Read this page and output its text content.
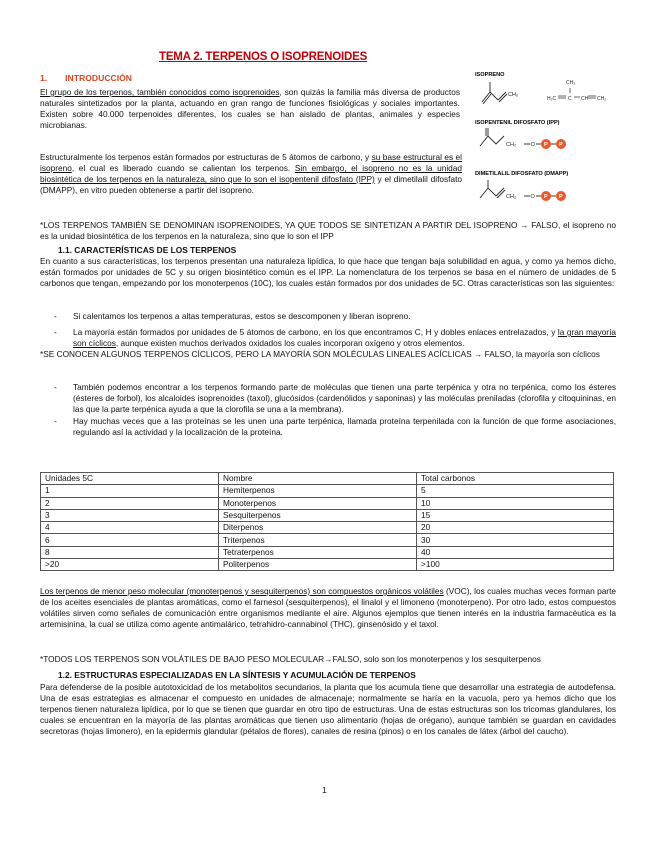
TEMA 2. TERPENOS O ISOPRENOIDES
1. INTRODUCCIÓN

El grupo de los terpenos, también conocidos como isoprenoides, son quizás la familia más diversa de productos naturales sintetizados por la planta, actuando en gran rango de funciones fisiológicas y sociales importantes. Existen sobre 40.000 terpenoides diferentes, los cuales se han aislado de plantas, animales y especies microbianas.

ISOPRENO
CH₂
CH₃
H₂C C CH CH₂
ISOPENTENIL DIFOSFATO (IPP)
CH₂	O P P
DIMETILALIL DIFOSFATO (DMAPP)
CH₂	O P P

Estructuralmente los terpenos están formados por estructuras de 5 átomos de carbono, y su base estructural es el isopreno, el cual es liberado cuando se calientan los terpenos. Sin embargo, el isopreno no es la unidad biosintética de los terpenos en la naturaleza, sino que lo son el isopentenil difosfato (IPP) y el dimetilalil difosfato (DMAPP), en vitro pueden obtenerse a partir del isopreno.

*LOS TERPENOS TAMBIÉN SE DENOMINAN ISOPRENOIDES, YA QUE TODOS SE SINTETIZAN A PARTIR DEL ISOPRENO → FALSO, el isopreno no es la unidad biosintética de los terpenos en la naturaleza, sino que lo son el IPP

1.1. CARACTERÍSTICAS DE LOS TERPENOS

En cuanto a sus características, los terpenos presentan una naturaleza lipídica, lo que hace que tengan baja solubilidad en agua, y como ya hemos dicho, están formados por unidades de 5C y su origen biosintético común es el IPP. La nomenclatura de los terpenos se basa en el número de unidades de 5 carbonos que tengan, empezando por los monoterpenos (10C), los cuales están formados por dos unidades de 5C. Otras características son las siguientes:

- Si calentamos los terpenos a altas temperaturas, estos se descomponen y liberan isopreno.
- La mayoría están formados por unidades de 5 átomos de carbono, en los que encontramos C, H y dobles enlaces entrelazados, y la gran mayoría son cíclicos, aunque existen muchos derivados oxidados los cuales incorporan oxígeno y otros elementos.

*SE CONOCEN ALGUNOS TERPENOS CÍCLICOS, PERO LA MAYORÍA SON MOLÉCULAS LINEALES ACÍCLICAS → FALSO, la mayoría son cíclicos

- También podemos encontrar a los terpenos formando parte de moléculas que tienen una parte terpénica y otra no terpénica, como los ésteres (ésteres de forbol), los alcaloides isoprenoides (taxol), glucósidos (cardenólidos y saponinas) y las moléculas preniladas (clorofila y citoquininas, en las que la parte terpénica ayuda a que la clorofila se una a la membrana).
- Hay muchas veces que a las proteínas se les unen una parte terpénica, llamada proteína terpenilada con la función de que forme asociaciones, regulando así la actividad y la localización de la proteína.
Unidades 5C	Nombre	Total carbonos
1	Hemiterpenos	5
2	Monoterpenos	10
3	Sesquiterpenos	15
4	Diterpenos	20
6	Triterpenos	30
8	Tetraterpenos	40
>20	Politerpenos	>100

Los terpenos de menor peso molecular (monoterpenos y sesquiterpenos) son compuestos orgánicos volátiles (VOC), los cuales muchas veces forman parte de los aceites esenciales de plantas aromáticas, como el farnesol (sesquiterpenos), el linalol y el limoneno (monoterpeno). Por otro lado, estos compuestos volátiles sirven como señales de comunicación entre organismos mediante el aire. Algunos ejemplos que tienen interés en la industria farmacéutica es la artemisinina, la cual se utiliza como agente antimalárico, tetrahidro-cannabinol (THC), ginsenósido y el taxol.

*TODOS LOS TERPENOS SON VOLÁTILES DE BAJO PESO MOLECULAR→FALSO, solo son los monoterpenos y los sesquiterpenos

1.2. ESTRUCTURAS ESPECIALIZADAS EN LA SÍNTESIS Y ACUMULACIÓN DE TERPENOS

Para defenderse de la posible autotoxicidad de los metabolitos secundarios, la planta que los acumula tiene que desarrollar una estrategia de autodefensa. Una de esas estrategias es almacenar el compuesto en unidades de almacenaje; normalmente se haría en la vacuola, pero ya hemos dicho que los terpenos tienen naturaleza lipídica, por lo que se tienen que guardar en otro tipo de estructuras. Una de estas estructuras son los tricomas glandulares, los cuales se encuentran en la mayoría de las plantas aromáticas que tienen uso alimentario (hojas de orégano), aunque también se guardan en cavidades secretoras (hojas limonero), en la epidermis glandular (pétalos de flores), canales de resina (pinos) o en los canales de látex (árbol del caucho).

1
